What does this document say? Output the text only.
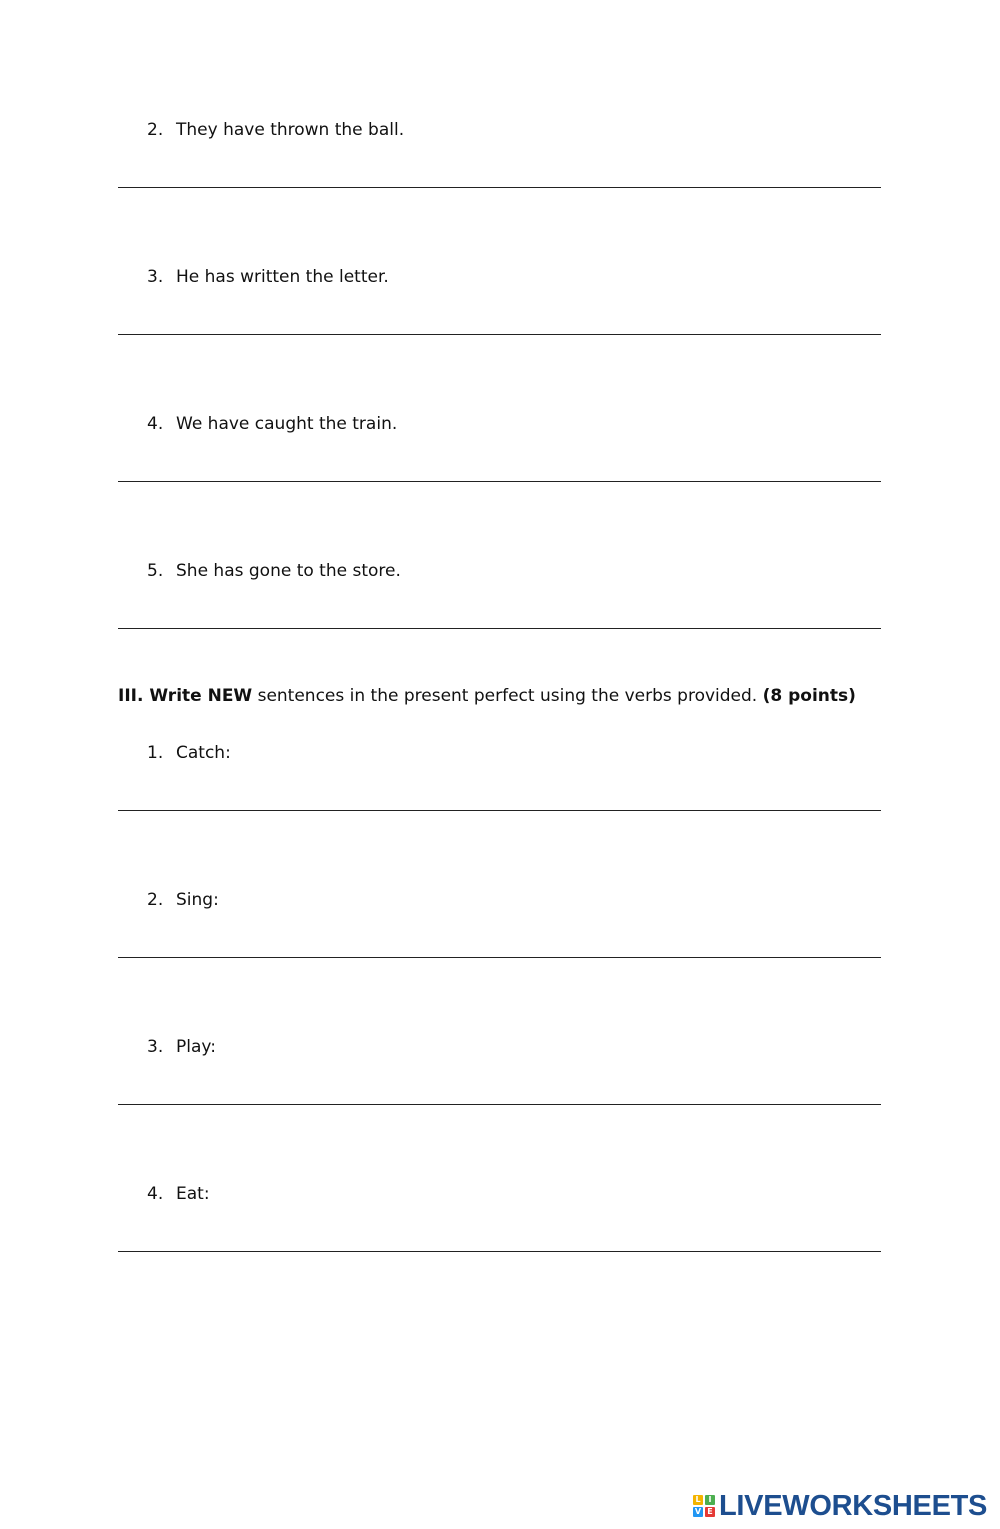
2. They have thrown the ball.
3. He has written the letter.
4. We have caught the train.
5. She has gone to the store.
III. Write NEW sentences in the present perfect using the verbs provided. (8 points)
1. Catch:
2. Sing:
3. Play:
4. Eat:
L I
V E LIVEWORKSHEETS
